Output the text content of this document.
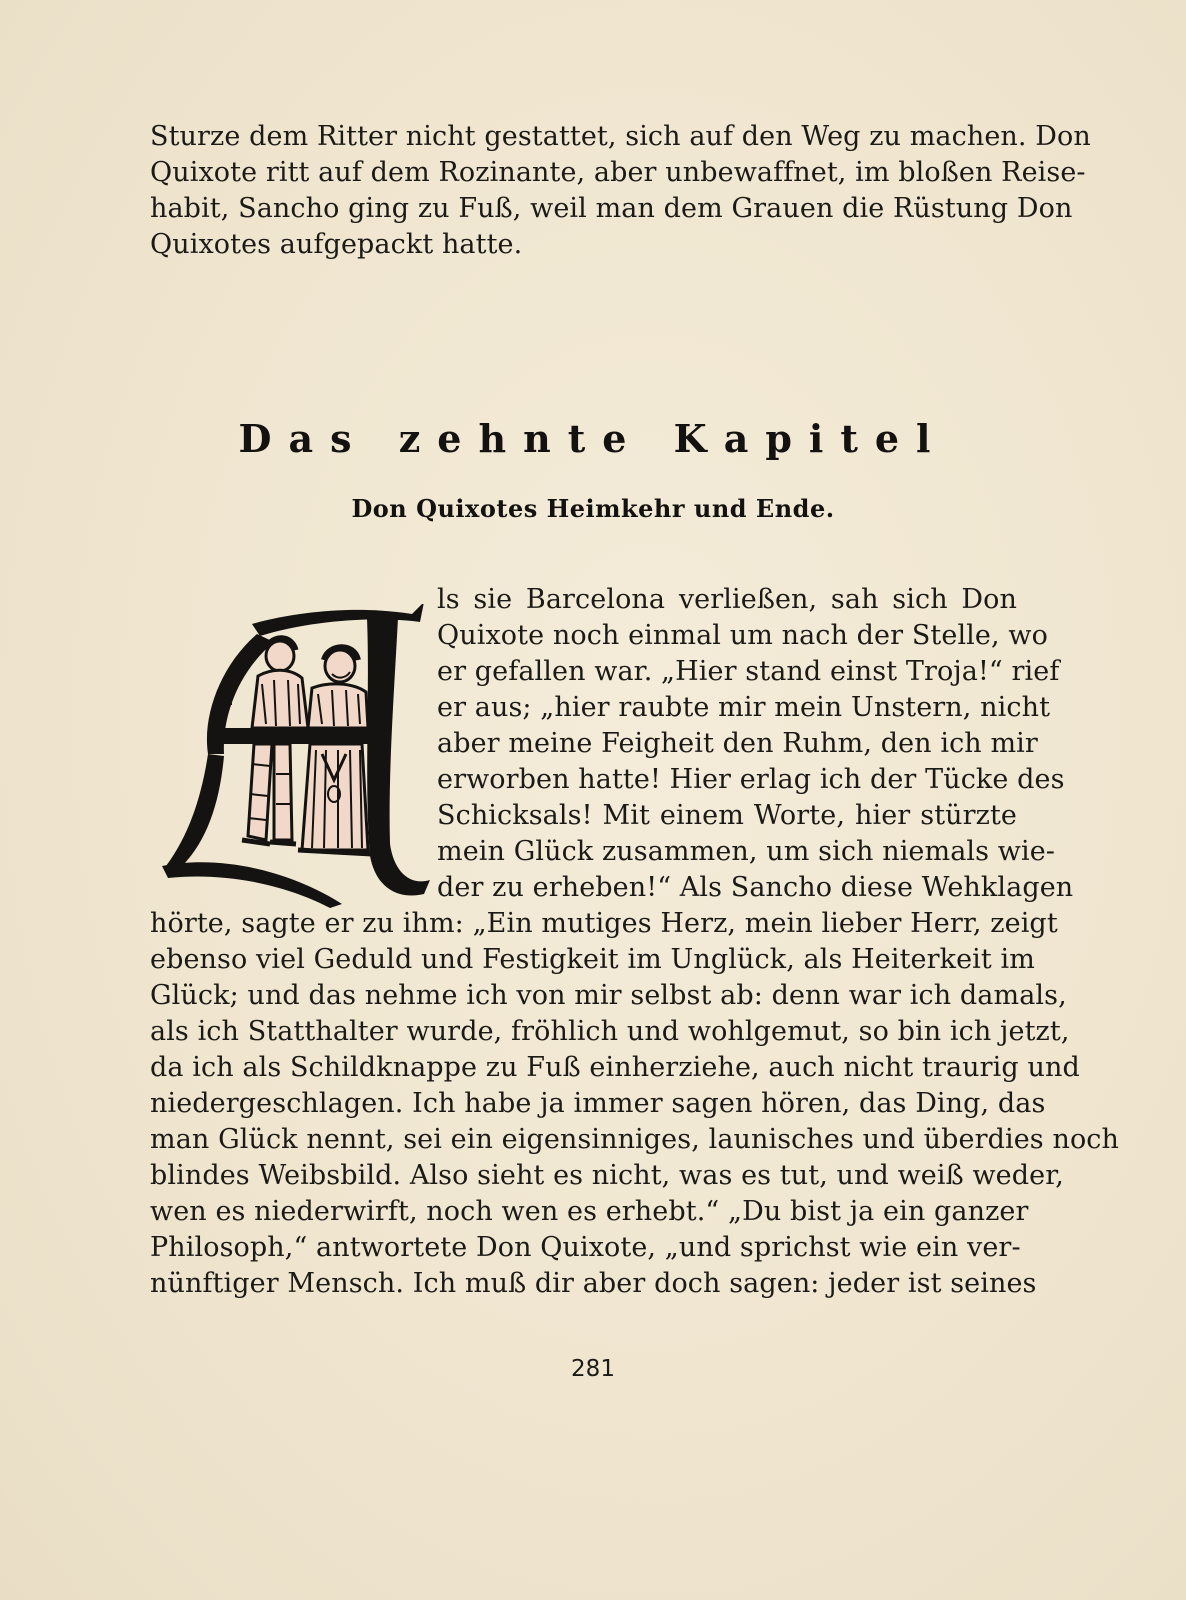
Sturze dem Ritter nicht gestattet, sich auf den Weg zu machen. Don
Quixote ritt auf dem Rozinante, aber unbewaffnet, im bloßen Reise-
habit, Sancho ging zu Fuß, weil man dem Grauen die Rüstung Don
Quixotes aufgepackt hatte.
Das zehnte Kapitel
Don Quixotes Heimkehr und Ende.
ls sie Barcelona verließen, sah sich Don
Quixote noch einmal um nach der Stelle, wo
er gefallen war. „Hier stand einst Troja!“ rief
er aus; „hier raubte mir mein Unstern, nicht
aber meine Feigheit den Ruhm, den ich mir
erworben hatte! Hier erlag ich der Tücke des
Schicksals! Mit einem Worte, hier stürzte
mein Glück zusammen, um sich niemals wie-
der zu erheben!“ Als Sancho diese Wehklagen
hörte, sagte er zu ihm: „Ein mutiges Herz, mein lieber Herr, zeigt
ebenso viel Geduld und Festigkeit im Unglück, als Heiterkeit im
Glück; und das nehme ich von mir selbst ab: denn war ich damals,
als ich Statthalter wurde, fröhlich und wohlgemut, so bin ich jetzt,
da ich als Schildknappe zu Fuß einherziehe, auch nicht traurig und
niedergeschlagen. Ich habe ja immer sagen hören, das Ding, das
man Glück nennt, sei ein eigensinniges, launisches und überdies noch
blindes Weibsbild. Also sieht es nicht, was es tut, und weiß weder,
wen es niederwirft, noch wen es erhebt.“ „Du bist ja ein ganzer
Philosoph,“ antwortete Don Quixote, „und sprichst wie ein ver-
nünftiger Mensch. Ich muß dir aber doch sagen: jeder ist seines
281
